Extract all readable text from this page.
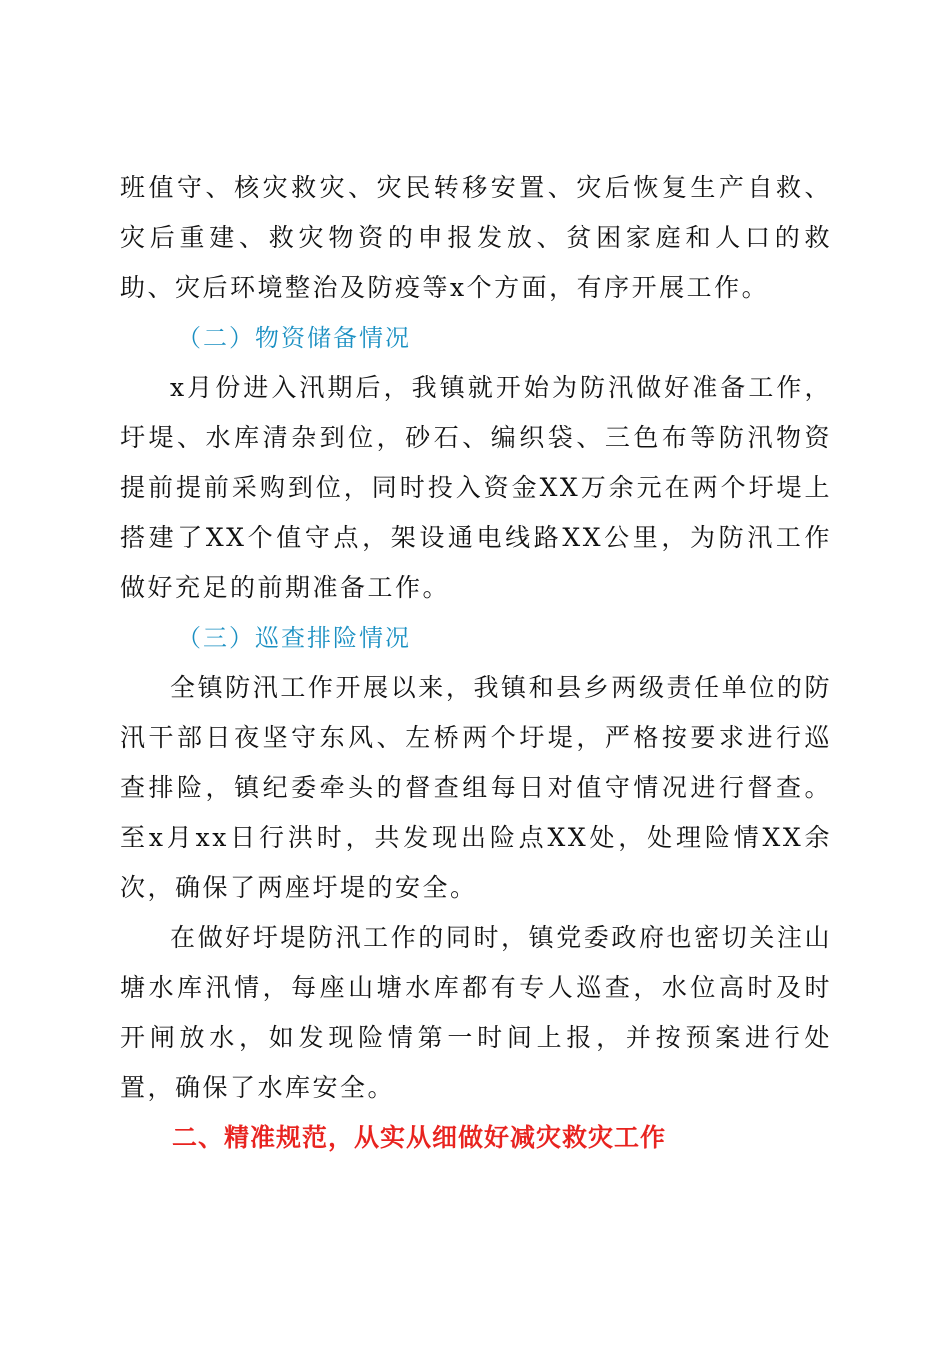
班值守、核灾救灾、灾民转移安置、灾后恢复生产自救、灾后重建、救灾物资的申报发放、贫困家庭和人口的救助、灾后环境整治及防疫等x个方面，有序开展工作。

（二）物资储备情况

x月份进入汛期后，我镇就开始为防汛做好准备工作，圩堤、水库清杂到位，砂石、编织袋、三色布等防汛物资提前提前采购到位，同时投入资金XX万余元在两个圩堤上搭建了XX个值守点，架设通电线路XX公里，为防汛工作做好充足的前期准备工作。

（三）巡查排险情况

全镇防汛工作开展以来，我镇和县乡两级责任单位的防汛干部日夜坚守东风、左桥两个圩堤，严格按要求进行巡查排险，镇纪委牵头的督查组每日对值守情况进行督查。至x月xx日行洪时，共发现出险点XX处，处理险情XX余次，确保了两座圩堤的安全。

在做好圩堤防汛工作的同时，镇党委政府也密切关注山塘水库汛情，每座山塘水库都有专人巡查，水位高时及时开闸放水，如发现险情第一时间上报，并按预案进行处置，确保了水库安全。

二、精准规范，从实从细做好减灾救灾工作
